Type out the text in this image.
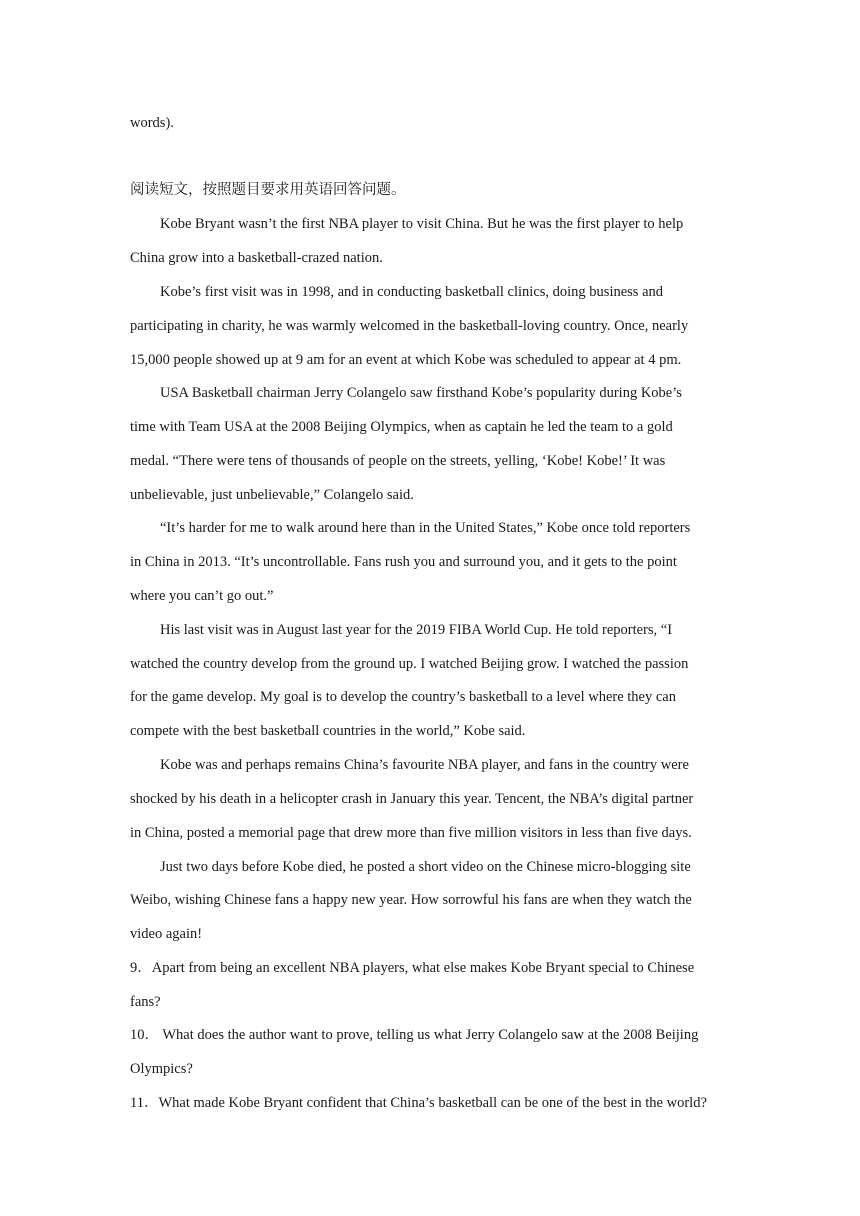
words).
阅读短文，按照题目要求用英语回答问题。
Kobe Bryant wasn’t the first NBA player to visit China. But he was the first player to help
China grow into a basketball-crazed nation.
Kobe’s first visit was in 1998, and in conducting basketball clinics, doing business and
participating in charity, he was warmly welcomed in the basketball-loving country. Once, nearly
15,000 people showed up at 9 am for an event at which Kobe was scheduled to appear at 4 pm.
USA Basketball chairman Jerry Colangelo saw firsthand Kobe’s popularity during Kobe’s
time with Team USA at the 2008 Beijing Olympics, when as captain he led the team to a gold
medal. “There were tens of thousands of people on the streets, yelling, ‘Kobe! Kobe!’ It was
unbelievable, just unbelievable,” Colangelo said.
“It’s harder for me to walk around here than in the United States,” Kobe once told reporters
in China in 2013. “It’s uncontrollable. Fans rush you and surround you, and it gets to the point
where you can’t go out.”
His last visit was in August last year for the 2019 FIBA World Cup. He told reporters, “I
watched the country develop from the ground up. I watched Beijing grow. I watched the passion
for the game develop. My goal is to develop the country’s basketball to a level where they can
compete with the best basketball countries in the world,” Kobe said.
Kobe was and perhaps remains China’s favourite NBA player, and fans in the country were
shocked by his death in a helicopter crash in January this year. Tencent, the NBA’s digital partner
in China, posted a memorial page that drew more than five million visitors in less than five days.
Just two days before Kobe died, he posted a short video on the Chinese micro-blogging site
Weibo, wishing Chinese fans a happy new year. How sorrowful his fans are when they watch the
video again!
9．Apart from being an excellent NBA players, what else makes Kobe Bryant special to Chinese
fans?
10． What does the author want to prove, telling us what Jerry Colangelo saw at the 2008 Beijing
Olympics?
11．What made Kobe Bryant confident that China’s basketball can be one of the best in the world?
